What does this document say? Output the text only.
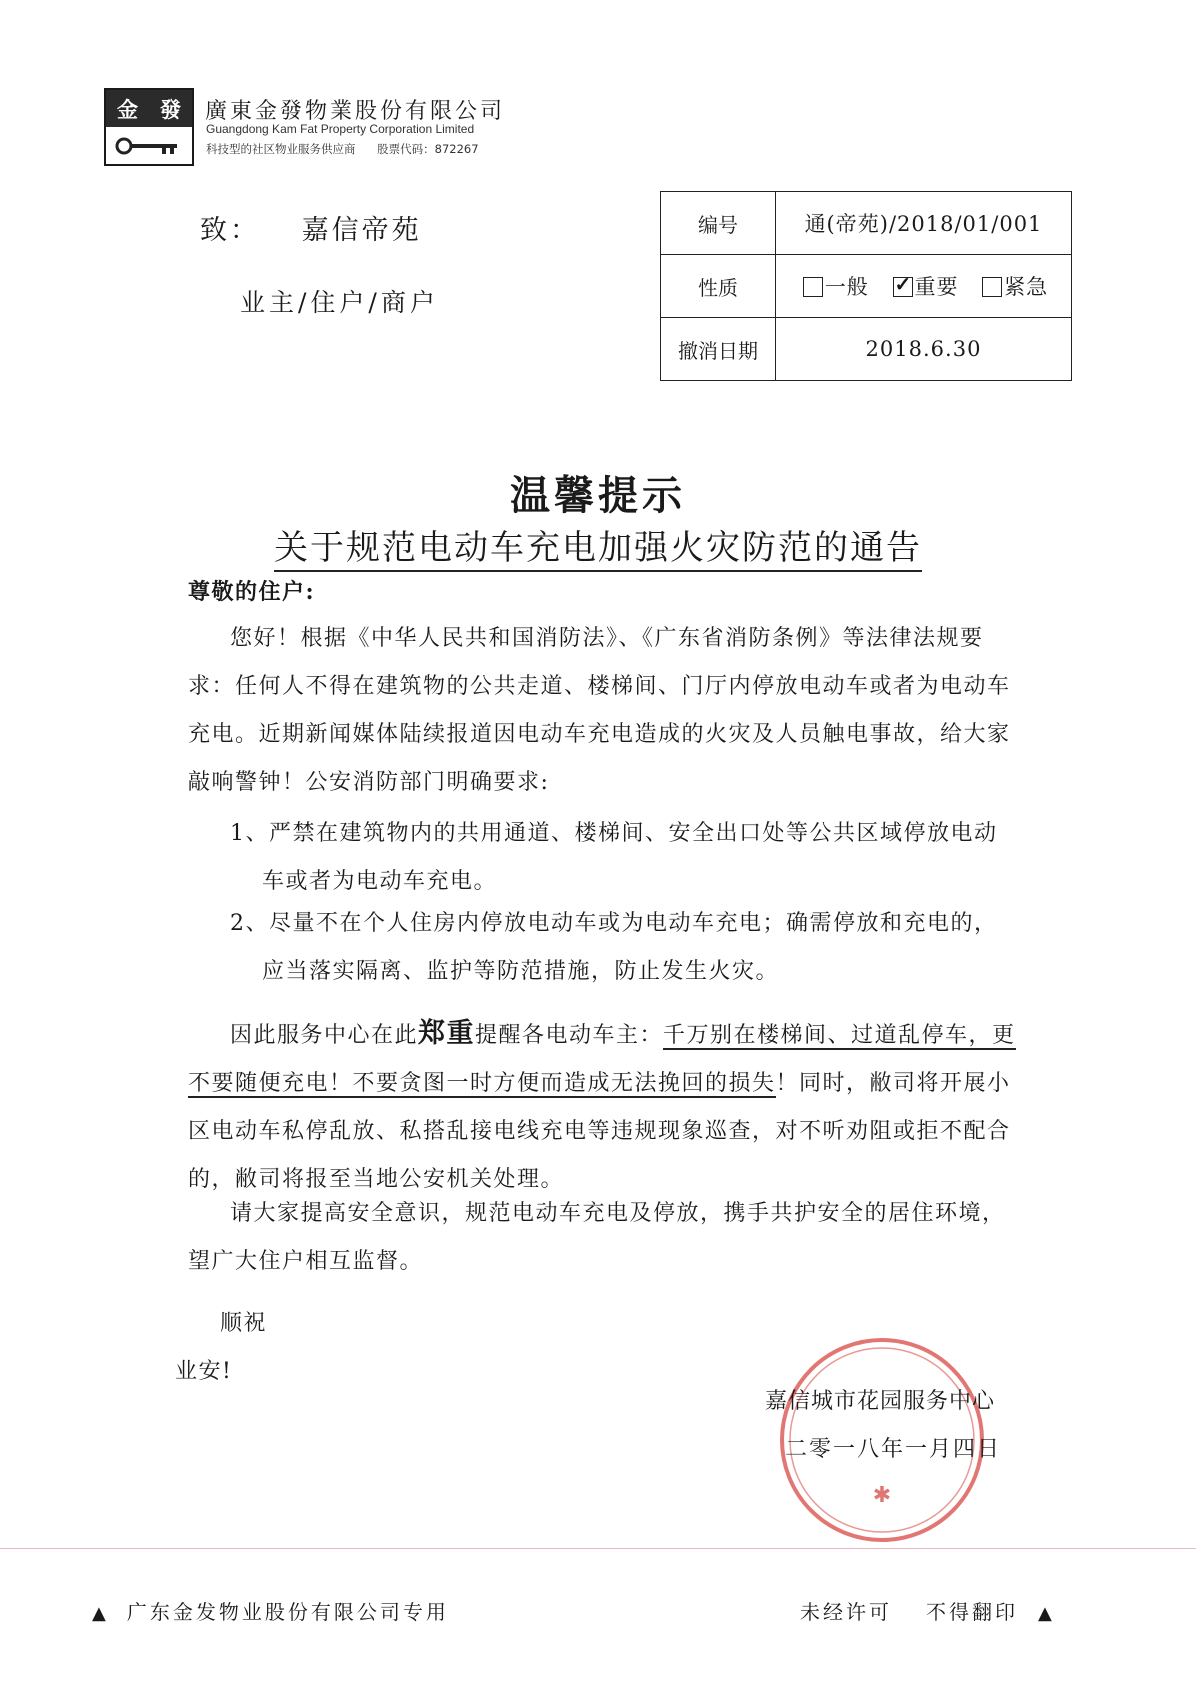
金	發	廣東金發物業股份有限公司
Guangdong Kam Fat Property Corporation Limited
科技型的社区物业服务供应商 股票代码：872267
致： 嘉信帝苑
业主/住户/商户
编号	通(帝苑)/2018/01/001
性质	一般 ✓ 重要 紧急
撤消日期	2018.6.30
温馨提示
关于规范电动车充电加强火灾防范的通告
尊敬的住户:
您好！根据《中华人民共和国消防法》、《广东省消防条例》等法律法规要求：任何人不得在建筑物的公共走道、楼梯间、门厅内停放电动车或者为电动车充电。近期新闻媒体陆续报道因电动车充电造成的火灾及人员触电事故，给大家敲响警钟！公安消防部门明确要求:
1、严禁在建筑物内的共用通道、楼梯间、安全出口处等公共区域停放电动
车或者为电动车充电。
2、尽量不在个人住房内停放电动车或为电动车充电；确需停放和充电的，
应当落实隔离、监护等防范措施，防止发生火灾。
因此服务中心在此郑重提醒各电动车主：千万别在楼梯间、过道乱停车，更不要随便充电！不要贪图一时方便而造成无法挽回的损失！同时，敝司将开展小区电动车私停乱放、私搭乱接电线充电等违规现象巡查，对不听劝阻或拒不配合的，敝司将报至当地公安机关处理。
请大家提高安全意识，规范电动车充电及停放，携手共护安全的居住环境，望广大住户相互监督。
顺祝
业安!
✱
嘉信城市花园服务中心
二零一八年一月四日
▲ 广东金发物业股份有限公司专用	未经许可 不得翻印 ▲
